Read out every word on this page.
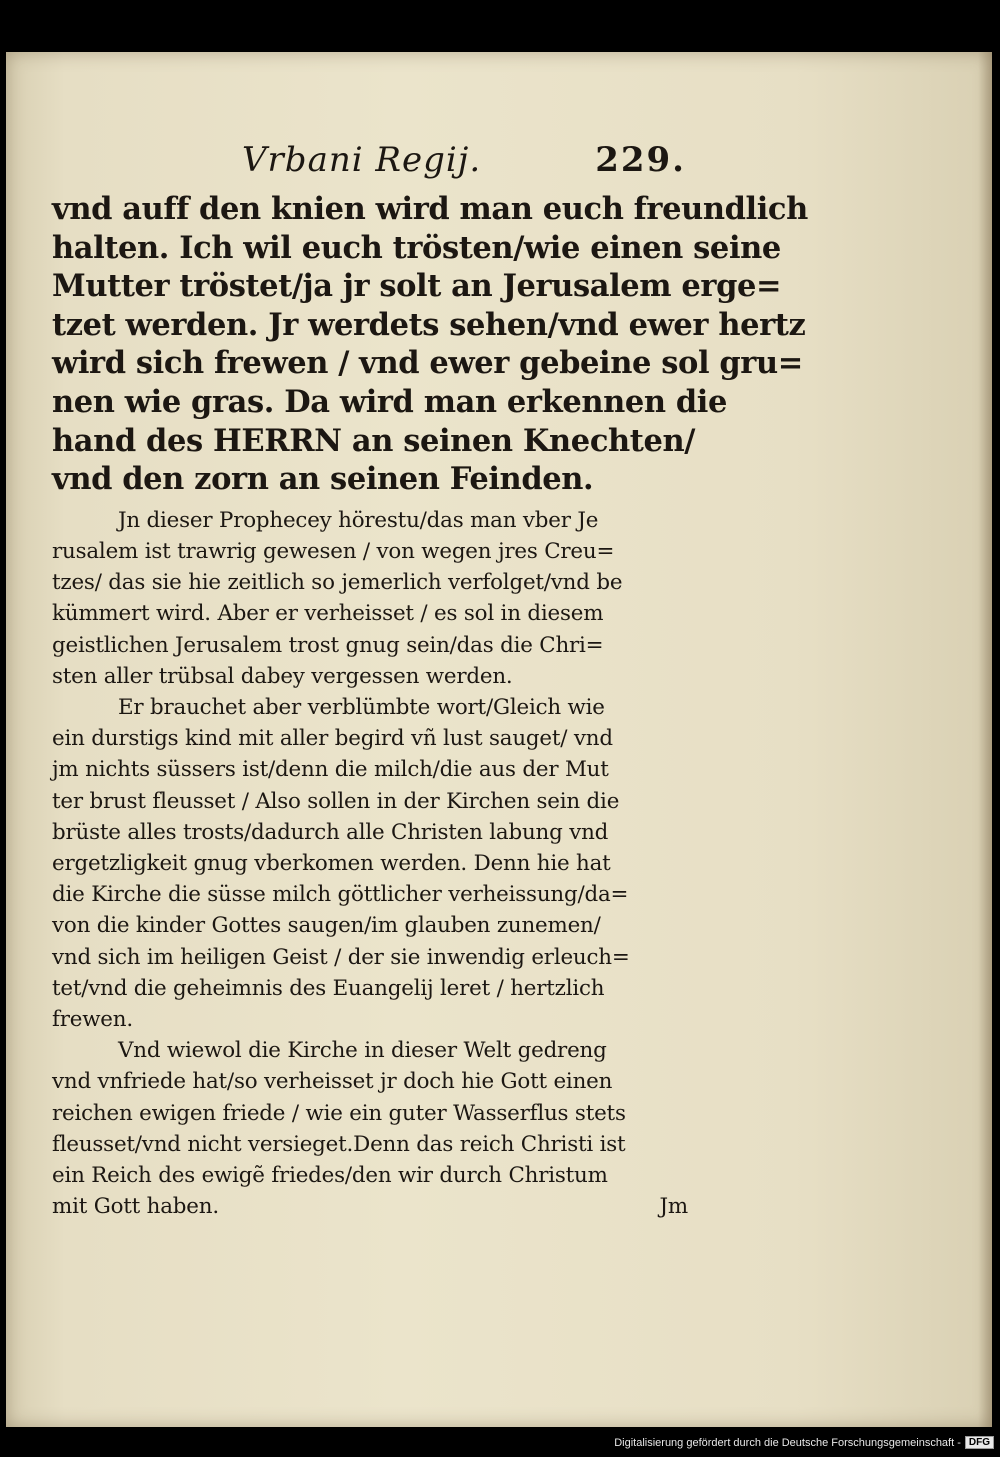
Vrbani Regij.	229.
vnd auff den knien wird man euch freundlich
halten. Ich wil euch trösten/wie einen seine
Mutter tröstet/ja jr solt an Jerusalem erge=
tzet werden. Jr werdets sehen/vnd ewer hertz
wird sich frewen / vnd ewer gebeine sol gru=
nen wie gras. Da wird man erkennen die
hand des HERRN an seinen Knechten/
vnd den zorn an seinen Feinden.
Jn dieser Prophecey hörestu/das man vber Je
rusalem ist trawrig gewesen / von wegen jres Creu=
tzes/ das sie hie zeitlich so jemerlich verfolget/vnd be
kümmert wird. Aber er verheisset / es sol in diesem
geistlichen Jerusalem trost gnug sein/das die Chri=
sten aller trübsal dabey vergessen werden.
Er brauchet aber verblümbte wort/Gleich wie
ein durstigs kind mit aller begird vñ lust sauget/ vnd
jm nichts süssers ist/denn die milch/die aus der Mut
ter brust fleusset / Also sollen in der Kirchen sein die
brüste alles trosts/dadurch alle Christen labung vnd
ergetzligkeit gnug vberkomen werden. Denn hie hat
die Kirche die süsse milch göttlicher verheissung/da=
von die kinder Gottes saugen/im glauben zunemen/
vnd sich im heiligen Geist / der sie inwendig erleuch=
tet/vnd die geheimnis des Euangelij leret / hertzlich
frewen.
Vnd wiewol die Kirche in dieser Welt gedreng
vnd vnfriede hat/so verheisset jr doch hie Gott einen
reichen ewigen friede / wie ein guter Wasserflus stets
fleusset/vnd nicht versieget.Denn das reich Christi ist
ein Reich des ewigẽ friedes/den wir durch Christum
mit Gott haben.	Jm
Digitalisierung gefördert durch die Deutsche Forschungsgemeinschaft - DFG
